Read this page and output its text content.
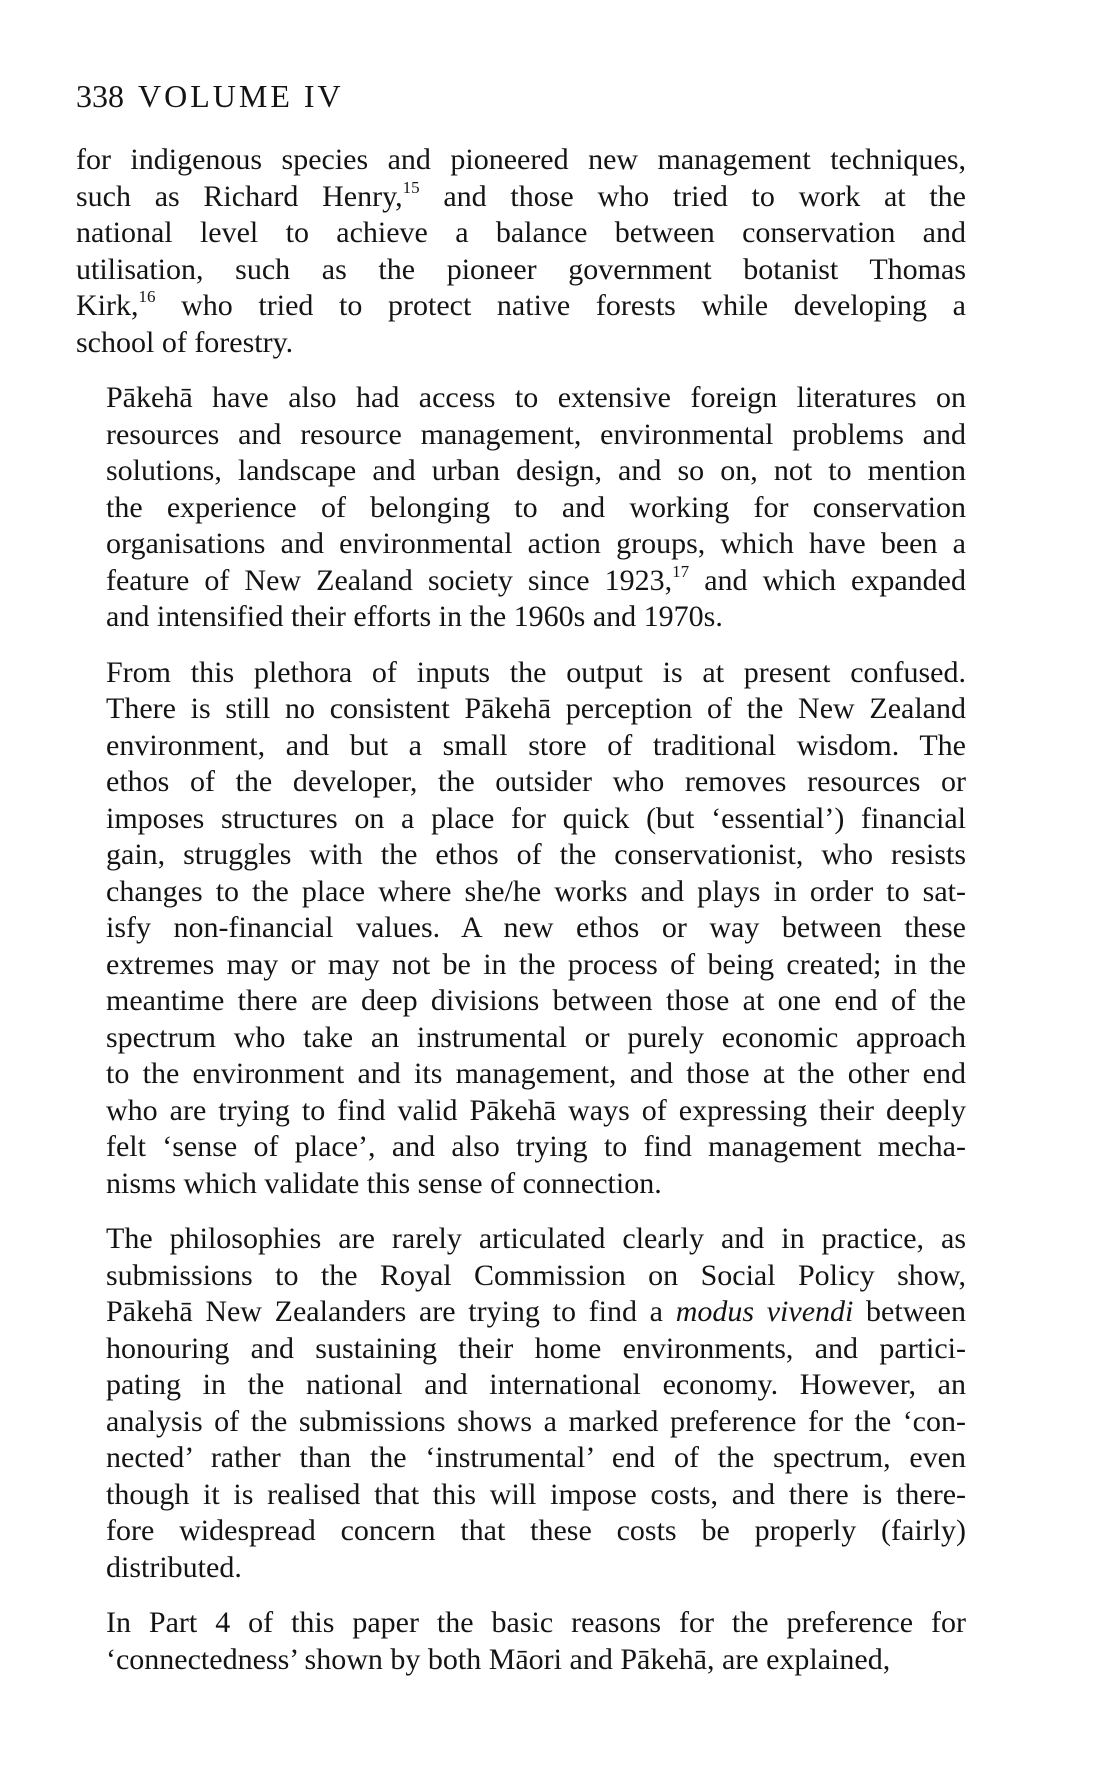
338 VOLUME IV
for indigenous species and pioneered new management techniques,
such as Richard Henry,$^{15}$ and those who tried to work at the
national level to achieve a balance between conservation and
utilisation, such as the pioneer government botanist Thomas
Kirk,$^{16}$ who tried to protect native forests while developing a
school of forestry.
Pākehā have also had access to extensive foreign literatures on
resources and resource management, environmental problems and
solutions, landscape and urban design, and so on, not to mention
the experience of belonging to and working for conservation
organisations and environmental action groups, which have been a
feature of New Zealand society since 1923,17 and which expanded
and intensified their efforts in the 1960s and 1970s.
From this plethora of inputs the output is at present confused.
There is still no consistent Pākehā perception of the New Zealand
environment, and but a small store of traditional wisdom. The
ethos of the developer, the outsider who removes resources or
imposes structures on a place for quick (but ‘essential’) financial
gain, struggles with the ethos of the conservationist, who resists
changes to the place where she/he works and plays in order to sat-
isfy non-financial values. A new ethos or way between these
extremes may or may not be in the process of being created; in the
meantime there are deep divisions between those at one end of the
spectrum who take an instrumental or purely economic approach
to the environment and its management, and those at the other end
who are trying to find valid Pākehā ways of expressing their deeply
felt ‘sense of place’, and also trying to find management mecha-
nisms which validate this sense of connection.
The philosophies are rarely articulated clearly and in practice, as
submissions to the Royal Commission on Social Policy show,
Pākehā New Zealanders are trying to find a modus vivendi between
honouring and sustaining their home environments, and partici-
pating in the national and international economy. However, an
analysis of the submissions shows a marked preference for the ‘con-
nected’ rather than the ‘instrumental’ end of the spectrum, even
though it is realised that this will impose costs, and there is there-
fore widespread concern that these costs be properly (fairly)
distributed.
In Part 4 of this paper the basic reasons for the preference for
‘connectedness’ shown by both Māori and Pākehā, are explained,
